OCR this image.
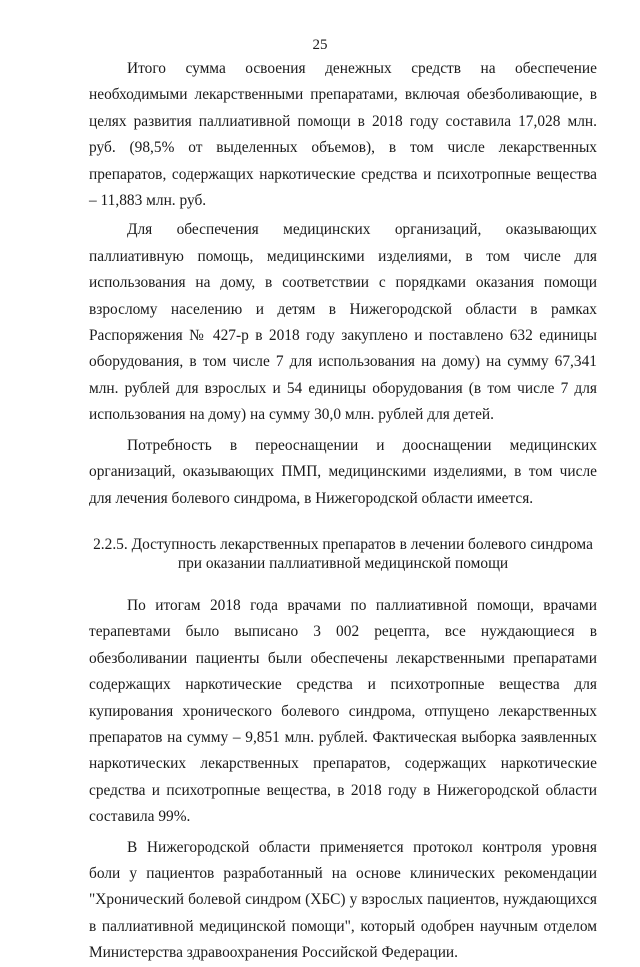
25

Итого сумма освоения денежных средств на обеспечение необходимыми лекарственными препаратами, включая обезболивающие, в целях развития паллиативной помощи в 2018 году составила 17,028 млн. руб. (98,5% от выделенных объемов), в том числе лекарственных препаратов, содержащих наркотические средства и психотропные вещества – 11,883 млн. руб.

Для обеспечения медицинских организаций, оказывающих паллиативную помощь, медицинскими изделиями, в том числе для использования на дому, в соответствии с порядками оказания помощи взрослому населению и детям в Нижегородской области в рамках Распоряжения № 427-р в 2018 году закуплено и поставлено 632 единицы оборудования, в том числе 7 для использования на дому) на сумму 67,341 млн. рублей для взрослых и 54 единицы оборудования (в том числе 7 для использования на дому) на сумму 30,0 млн. рублей для детей.

Потребность в переоснащении и дооснащении медицинских организаций, оказывающих ПМП, медицинскими изделиями, в том числе для лечения болевого синдрома, в Нижегородской области имеется.

2.2.5. Доступность лекарственных препаратов в лечении болевого синдрома при оказании паллиативной медицинской помощи

По итогам 2018 года врачами по паллиативной помощи, врачами терапевтами было выписано 3 002 рецепта, все нуждающиеся в обезболивании пациенты были обеспечены лекарственными препаратами содержащих наркотические средства и психотропные вещества для купирования хронического болевого синдрома, отпущено лекарственных препаратов на сумму – 9,851 млн. рублей. Фактическая выборка заявленных наркотических лекарственных препаратов, содержащих наркотические средства и психотропные вещества, в 2018 году в Нижегородской области составила 99%.

В Нижегородской области применяется протокол контроля уровня боли у пациентов разработанный на основе клинических рекомендации "Хронический болевой синдром (ХБС) у взрослых пациентов, нуждающихся в паллиативной медицинской помощи", который одобрен научным отделом Министерства здравоохранения Российской Федерации.
